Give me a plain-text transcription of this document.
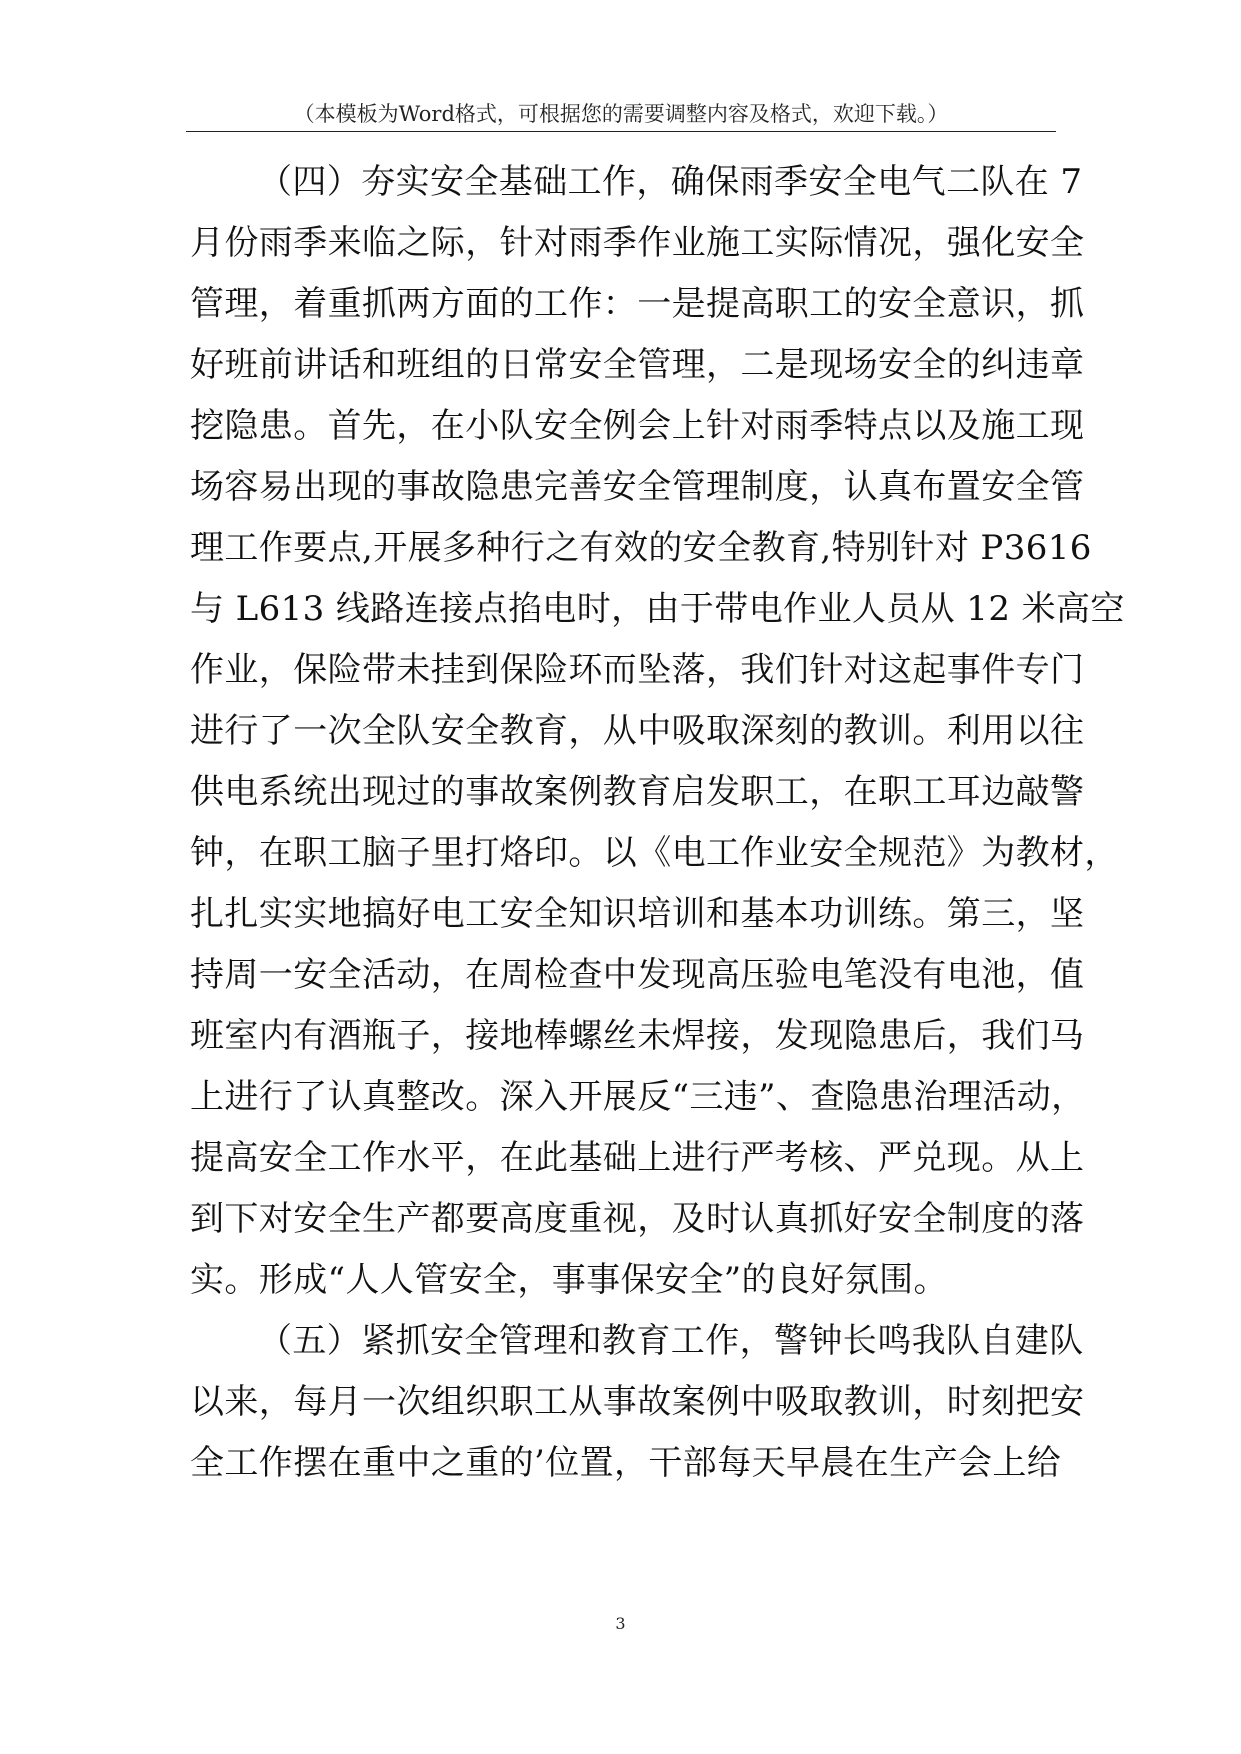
（本模板为Word格式，可根据您的需要调整内容及格式，欢迎下载。）
（四）夯实安全基础工作，确保雨季安全电气二队在 7
月份雨季来临之际，针对雨季作业施工实际情况，强化安全
管理，着重抓两方面的工作：一是提高职工的安全意识，抓
好班前讲话和班组的日常安全管理，二是现场安全的纠违章
挖隐患。首先，在小队安全例会上针对雨季特点以及施工现
场容易出现的事故隐患完善安全管理制度，认真布置安全管
理工作要点,开展多种行之有效的安全教育,特别针对 P3616
与 L613 线路连接点掐电时，由于带电作业人员从 12 米高空
作业，保险带未挂到保险环而坠落，我们针对这起事件专门
进行了一次全队安全教育，从中吸取深刻的教训。利用以往
供电系统出现过的事故案例教育启发职工，在职工耳边敲警
钟，在职工脑子里打烙印。以《电工作业安全规范》为教材，
扎扎实实地搞好电工安全知识培训和基本功训练。第三，坚
持周一安全活动，在周检查中发现高压验电笔没有电池，值
班室内有酒瓶子，接地棒螺丝未焊接，发现隐患后，我们马
上进行了认真整改。深入开展反“三违”、查隐患治理活动，
提高安全工作水平，在此基础上进行严考核、严兑现。从上
到下对安全生产都要高度重视，及时认真抓好安全制度的落
实。形成“人人管安全，事事保安全”的良好氛围。
（五）紧抓安全管理和教育工作，警钟长鸣我队自建队
以来，每月一次组织职工从事故案例中吸取教训，时刻把安
全工作摆在重中之重的’位置，干部每天早晨在生产会上给
3
